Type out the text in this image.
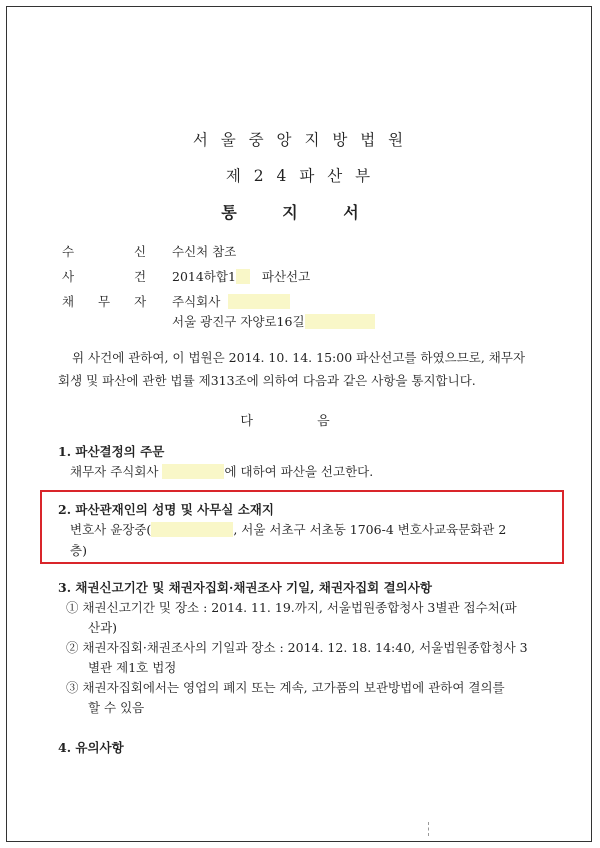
서 울 중 앙 지 방 법 원
제 2 4 파 산 부
통 지 서
수 신
수신처 참조
사 건
2014하합1 파산선고
채 무 자 주식회사
서울 광진구 자양로16길
위 사건에 관하여, 이 법원은 2014. 10. 14. 15:00 파산선고를 하였으므로, 채무자
회생 및 파산에 관한 법률 제313조에 의하여 다음과 같은 사항을 통지합니다.
다 음
1. 파산결정의 주문
채무자 주식회사	에 대하여 파산을 선고한다.
2. 파산관재인의 성명 및 사무실 소재지
변호사 윤장중(	, 서울 서초구 서초동 1706-4 변호사교육문화관 2
층)
3. 채권신고기간 및 채권자집회·채권조사 기일, 채권자집회 결의사항
① 채권신고기간 및 장소 : 2014. 11. 19.까지, 서울법원종합청사 3별관 접수처(파
산과)
② 채권자집회·채권조사의 기일과 장소 : 2014. 12. 18. 14:40, 서울법원종합청사 3
별관 제1호 법정
③ 채권자집회에서는 영업의 폐지 또는 계속, 고가품의 보관방법에 관하여 결의를
할 수 있음
4. 유의사항
